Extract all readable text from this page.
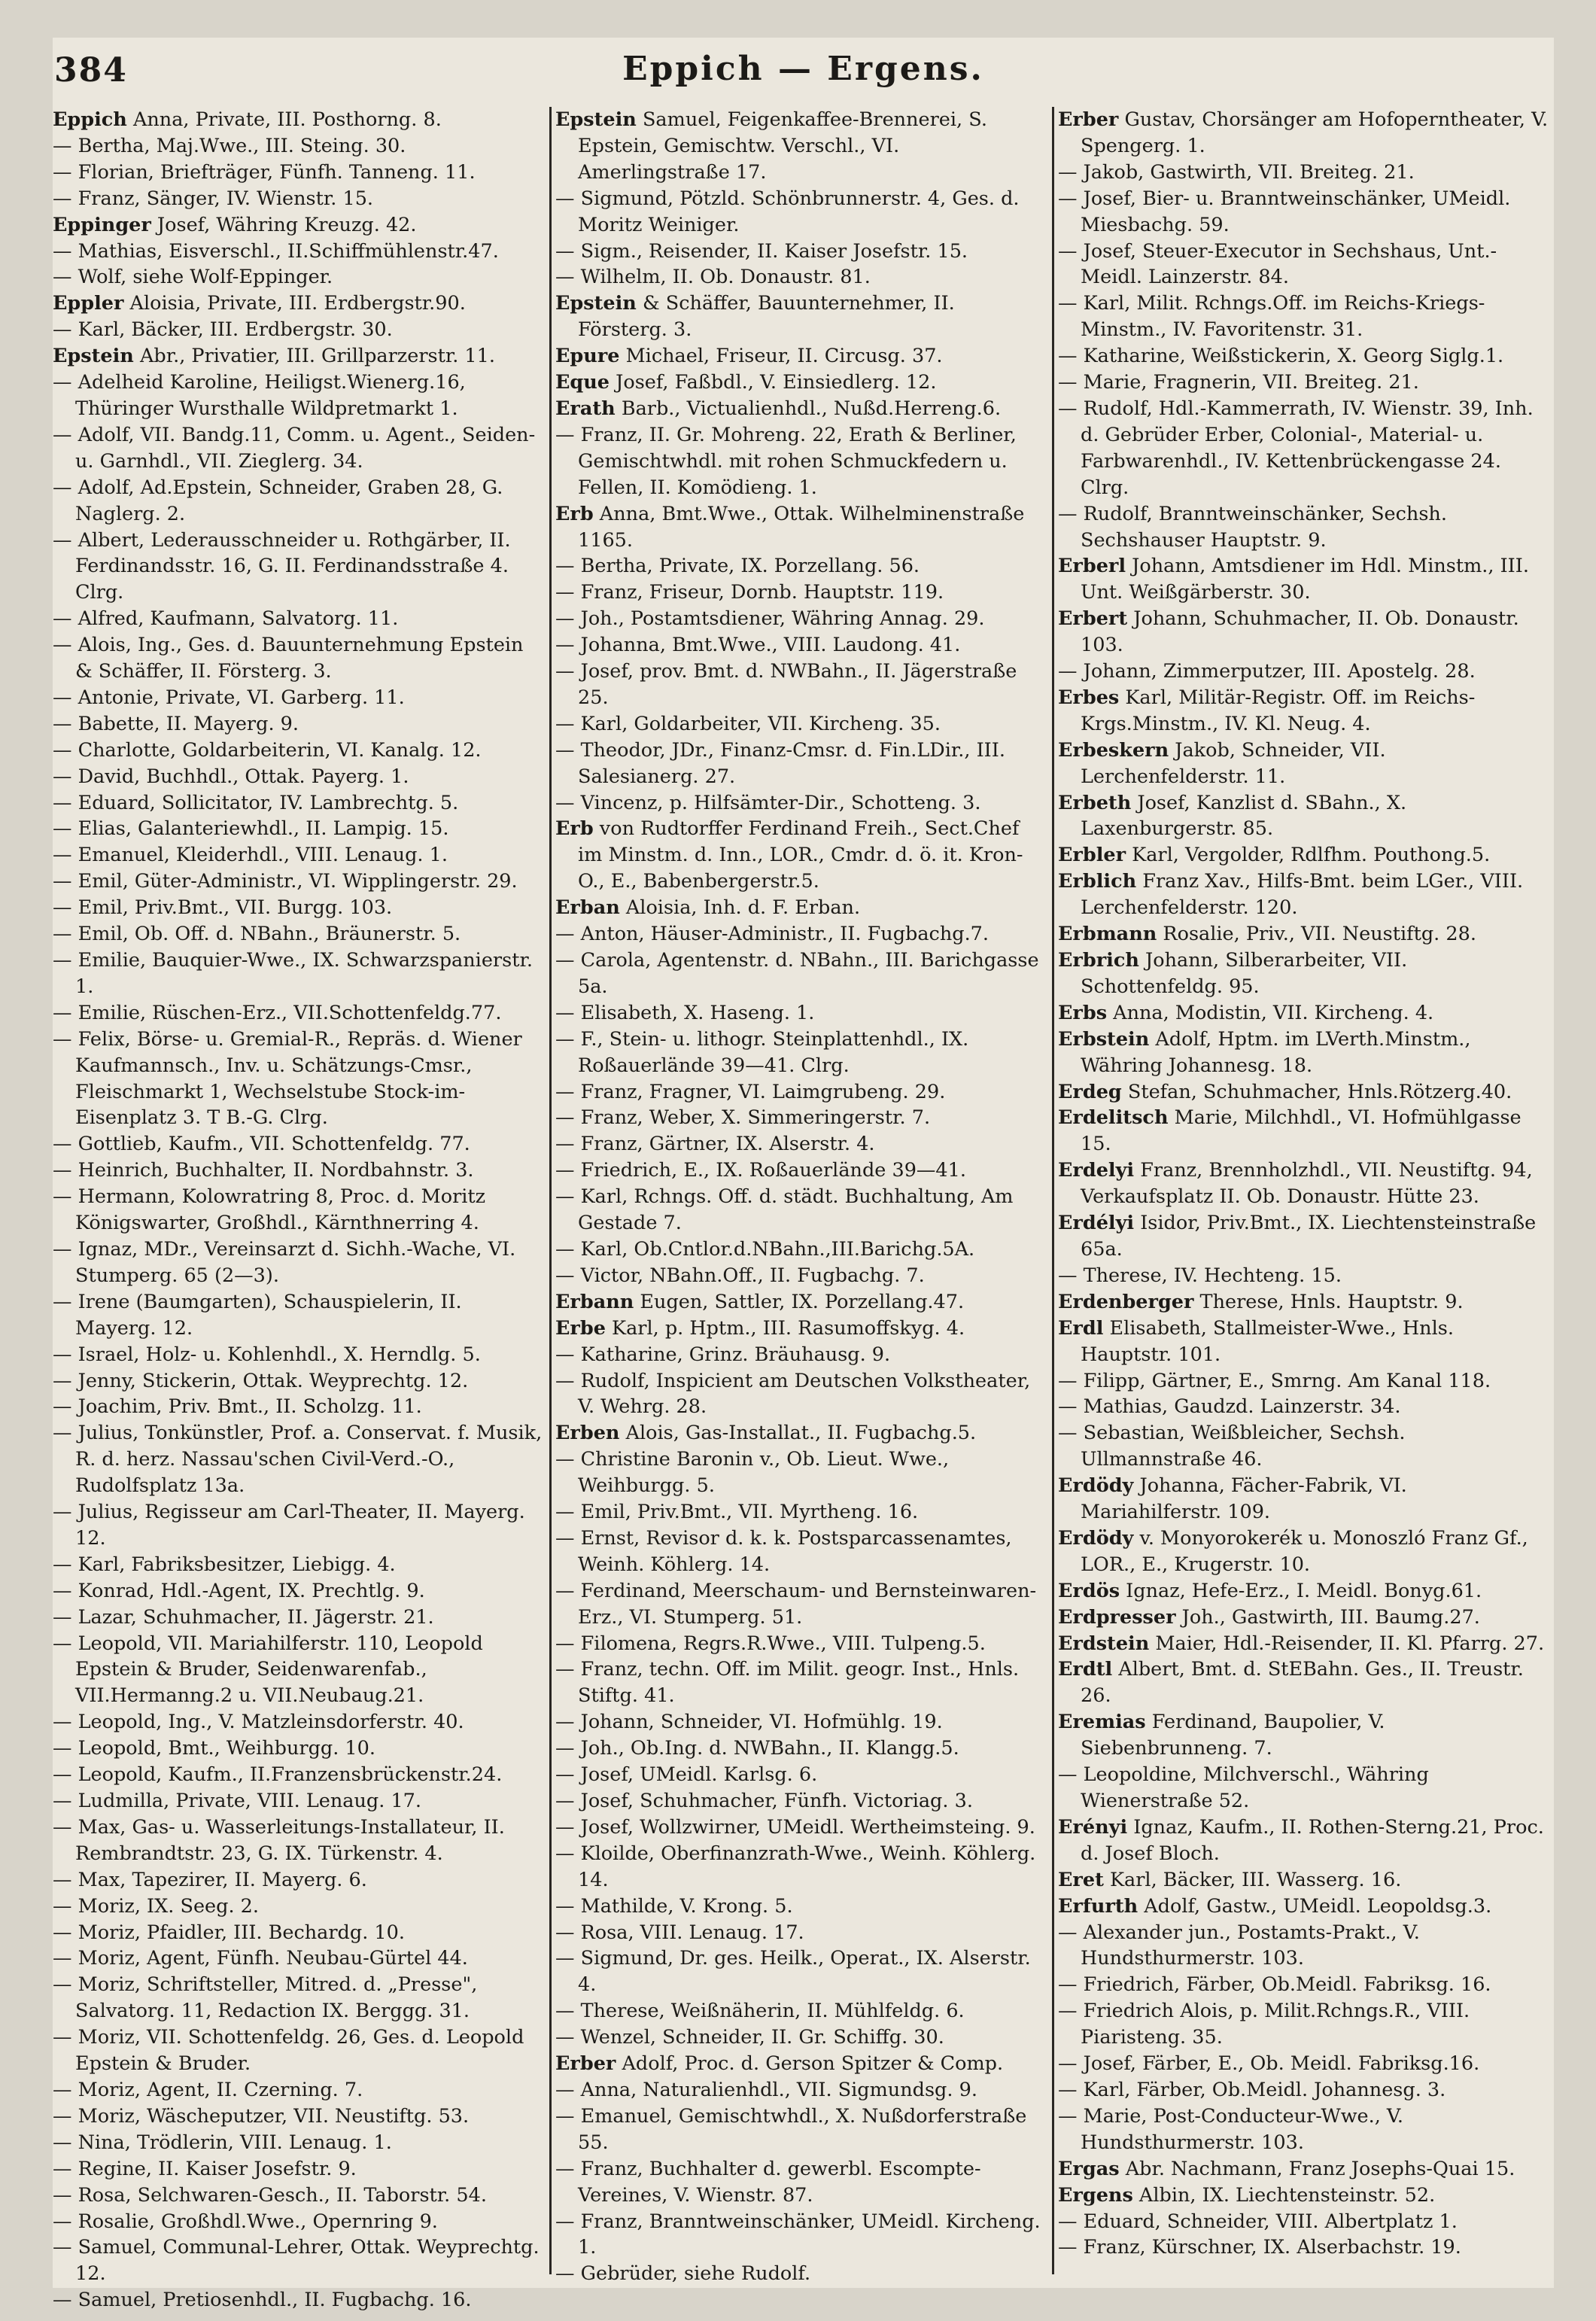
384	Eppich — Ergens.

Eppich Anna, Private, III. Posthorng. 8.

— Bertha, Maj.Wwe., III. Steing. 30.

— Florian, Briefträger, Fünfh. Tanneng. 11.

— Franz, Sänger, IV. Wienstr. 15.

Eppinger Josef, Währing Kreuzg. 42.

— Mathias, Eisverschl., II.Schiffmühlenstr.47.

— Wolf, siehe Wolf-Eppinger.

Eppler Aloisia, Private, III. Erdbergstr.90.

— Karl, Bäcker, III. Erdbergstr. 30.

Epstein Abr., Privatier, III. Grillparzerstr. 11.

— Adelheid Karoline, Heiligst.Wienerg.16, Thüringer Wursthalle Wildpretmarkt 1.

— Adolf, VII. Bandg.11, Comm. u. Agent., Seiden- u. Garnhdl., VII. Zieglerg. 34.

— Adolf, Ad.Epstein, Schneider, Graben 28, G. Naglerg. 2.

— Albert, Lederausschneider u. Rothgärber, II. Ferdinandsstr. 16, G. II. Ferdinandsstraße 4. Clrg.

— Alfred, Kaufmann, Salvatorg. 11.

— Alois, Ing., Ges. d. Bauunternehmung Epstein & Schäffer, II. Försterg. 3.

— Antonie, Private, VI. Garberg. 11.

— Babette, II. Mayerg. 9.

— Charlotte, Goldarbeiterin, VI. Kanalg. 12.

— David, Buchhdl., Ottak. Payerg. 1.

— Eduard, Sollicitator, IV. Lambrechtg. 5.

— Elias, Galanteriewhdl., II. Lampig. 15.

— Emanuel, Kleiderhdl., VIII. Lenaug. 1.

— Emil, Güter-Administr., VI. Wipplingerstr. 29.

— Emil, Priv.Bmt., VII. Burgg. 103.

— Emil, Ob. Off. d. NBahn., Bräunerstr. 5.

— Emilie, Bauquier-Wwe., IX. Schwarzspanierstr. 1.

— Emilie, Rüschen-Erz., VII.Schottenfeldg.77.

— Felix, Börse- u. Gremial-R., Repräs. d. Wiener Kaufmannsch., Inv. u. Schätzungs-Cmsr., Fleischmarkt 1, Wechselstube Stock-im-Eisenplatz 3. T B.-G. Clrg.

— Gottlieb, Kaufm., VII. Schottenfeldg. 77.

— Heinrich, Buchhalter, II. Nordbahnstr. 3.

— Hermann, Kolowratring 8, Proc. d. Moritz Königswarter, Großhdl., Kärnthnerring 4.

— Ignaz, MDr., Vereinsarzt d. Sichh.-Wache, VI. Stumperg. 65 (2—3).

— Irene (Baumgarten), Schauspielerin, II. Mayerg. 12.

— Israel, Holz- u. Kohlenhdl., X. Herndlg. 5.

— Jenny, Stickerin, Ottak. Weyprechtg. 12.

— Joachim, Priv. Bmt., II. Scholzg. 11.

— Julius, Tonkünstler, Prof. a. Conservat. f. Musik, R. d. herz. Nassau'schen Civil-Verd.-O., Rudolfsplatz 13a.

— Julius, Regisseur am Carl-Theater, II. Mayerg. 12.

— Karl, Fabriksbesitzer, Liebigg. 4.

— Konrad, Hdl.-Agent, IX. Prechtlg. 9.

— Lazar, Schuhmacher, II. Jägerstr. 21.

— Leopold, VII. Mariahilferstr. 110, Leopold Epstein & Bruder, Seidenwarenfab., VII.Hermanng.2 u. VII.Neubaug.21.

— Leopold, Ing., V. Matzleinsdorferstr. 40.

— Leopold, Bmt., Weihburgg. 10.

— Leopold, Kaufm., II.Franzensbrückenstr.24.

— Ludmilla, Private, VIII. Lenaug. 17.

— Max, Gas- u. Wasserleitungs-Installateur, II. Rembrandtstr. 23, G. IX. Türkenstr. 4.

— Max, Tapezirer, II. Mayerg. 6.

— Moriz, IX. Seeg. 2.

— Moriz, Pfaidler, III. Bechardg. 10.

— Moriz, Agent, Fünfh. Neubau-Gürtel 44.

— Moriz, Schriftsteller, Mitred. d. „Presse", Salvatorg. 11, Redaction IX. Berggg. 31.

— Moriz, VII. Schottenfeldg. 26, Ges. d. Leopold Epstein & Bruder.

— Moriz, Agent, II. Czerning. 7.

— Moriz, Wäscheputzer, VII. Neustiftg. 53.

— Nina, Trödlerin, VIII. Lenaug. 1.

— Regine, II. Kaiser Josefstr. 9.

— Rosa, Selchwaren-Gesch., II. Taborstr. 54.

— Rosalie, Großhdl.Wwe., Opernring 9.

— Samuel, Communal-Lehrer, Ottak. Weyprechtg. 12.

— Samuel, Pretiosenhdl., II. Fugbachg. 16.

Epstein Samuel, Feigenkaffee-Brennerei, S. Epstein, Gemischtw. Verschl., VI. Amerlingstraße 17.

— Sigmund, Pötzld. Schönbrunnerstr. 4, Ges. d. Moritz Weiniger.

— Sigm., Reisender, II. Kaiser Josefstr. 15.

— Wilhelm, II. Ob. Donaustr. 81.

Epstein & Schäffer, Bauunternehmer, II. Försterg. 3.

Epure Michael, Friseur, II. Circusg. 37.

Eque Josef, Faßbdl., V. Einsiedlerg. 12.

Erath Barb., Victualienhdl., Nußd.Herreng.6.

— Franz, II. Gr. Mohreng. 22, Erath & Berliner, Gemischtwhdl. mit rohen Schmuckfedern u. Fellen, II. Komödieng. 1.

Erb Anna, Bmt.Wwe., Ottak. Wilhelminenstraße 1165.

— Bertha, Private, IX. Porzellang. 56.

— Franz, Friseur, Dornb. Hauptstr. 119.

— Joh., Postamtsdiener, Währing Annag. 29.

— Johanna, Bmt.Wwe., VIII. Laudong. 41.

— Josef, prov. Bmt. d. NWBahn., II. Jägerstraße 25.

— Karl, Goldarbeiter, VII. Kircheng. 35.

— Theodor, JDr., Finanz-Cmsr. d. Fin.LDir., III. Salesianerg. 27.

— Vincenz, p. Hilfsämter-Dir., Schotteng. 3.

Erb von Rudtorffer Ferdinand Freih., Sect.Chef im Minstm. d. Inn., LOR., Cmdr. d. ö. it. Kron-O., E., Babenbergerstr.5.

Erban Aloisia, Inh. d. F. Erban.

— Anton, Häuser-Administr., II. Fugbachg.7.

— Carola, Agentenstr. d. NBahn., III. Barichgasse 5a.

— Elisabeth, X. Haseng. 1.

— F., Stein- u. lithogr. Steinplattenhdl., IX. Roßauerlände 39—41. Clrg.

— Franz, Fragner, VI. Laimgrubeng. 29.

— Franz, Weber, X. Simmeringerstr. 7.

— Franz, Gärtner, IX. Alserstr. 4.

— Friedrich, E., IX. Roßauerlände 39—41.

— Karl, Rchngs. Off. d. städt. Buchhaltung, Am Gestade 7.

— Karl, Ob.Cntlor.d.NBahn.,III.Barichg.5A.

— Victor, NBahn.Off., II. Fugbachg. 7.

Erbann Eugen, Sattler, IX. Porzellang.47.

Erbe Karl, p. Hptm., III. Rasumoffskyg. 4.

— Katharine, Grinz. Bräuhausg. 9.

— Rudolf, Inspicient am Deutschen Volkstheater, V. Wehrg. 28.

Erben Alois, Gas-Installat., II. Fugbachg.5.

— Christine Baronin v., Ob. Lieut. Wwe., Weihburgg. 5.

— Emil, Priv.Bmt., VII. Myrtheng. 16.

— Ernst, Revisor d. k. k. Postsparcassenamtes, Weinh. Köhlerg. 14.

— Ferdinand, Meerschaum- und Bernsteinwaren-Erz., VI. Stumperg. 51.

— Filomena, Regrs.R.Wwe., VIII. Tulpeng.5.

— Franz, techn. Off. im Milit. geogr. Inst., Hnls. Stiftg. 41.

— Johann, Schneider, VI. Hofmühlg. 19.

— Joh., Ob.Ing. d. NWBahn., II. Klangg.5.

— Josef, UMeidl. Karlsg. 6.

— Josef, Schuhmacher, Fünfh. Victoriag. 3.

— Josef, Wollzwirner, UMeidl. Wertheimsteing. 9.

— Kloilde, Oberfinanzrath-Wwe., Weinh. Köhlerg. 14.

— Mathilde, V. Krong. 5.

— Rosa, VIII. Lenaug. 17.

— Sigmund, Dr. ges. Heilk., Operat., IX. Alserstr. 4.

— Therese, Weißnäherin, II. Mühlfeldg. 6.

— Wenzel, Schneider, II. Gr. Schiffg. 30.

Erber Adolf, Proc. d. Gerson Spitzer & Comp.

— Anna, Naturalienhdl., VII. Sigmundsg. 9.

— Emanuel, Gemischtwhdl., X. Nußdorferstraße 55.

— Franz, Buchhalter d. gewerbl. Escompte-Vereines, V. Wienstr. 87.

— Franz, Branntweinschänker, UMeidl. Kircheng. 1.

— Gebrüder, siehe Rudolf.

Erber Gustav, Chorsänger am Hofoperntheater, V. Spengerg. 1.

— Jakob, Gastwirth, VII. Breiteg. 21.

— Josef, Bier- u. Branntweinschänker, UMeidl. Miesbachg. 59.

— Josef, Steuer-Executor in Sechshaus, Unt.-Meidl. Lainzerstr. 84.

— Karl, Milit. Rchngs.Off. im Reichs-Kriegs-Minstm., IV. Favoritenstr. 31.

— Katharine, Weißstickerin, X. Georg Siglg.1.

— Marie, Fragnerin, VII. Breiteg. 21.

— Rudolf, Hdl.-Kammerrath, IV. Wienstr. 39, Inh. d. Gebrüder Erber, Colonial-, Material- u. Farbwarenhdl., IV. Kettenbrückengasse 24. Clrg.

— Rudolf, Branntweinschänker, Sechsh. Sechshauser Hauptstr. 9.

Erberl Johann, Amtsdiener im Hdl. Minstm., III. Unt. Weißgärberstr. 30.

Erbert Johann, Schuhmacher, II. Ob. Donaustr. 103.

— Johann, Zimmerputzer, III. Apostelg. 28.

Erbes Karl, Militär-Registr. Off. im Reichs-Krgs.Minstm., IV. Kl. Neug. 4.

Erbeskern Jakob, Schneider, VII. Lerchenfelderstr. 11.

Erbeth Josef, Kanzlist d. SBahn., X. Laxenburgerstr. 85.

Erbler Karl, Vergolder, Rdlfhm. Pouthong.5.

Erblich Franz Xav., Hilfs-Bmt. beim LGer., VIII. Lerchenfelderstr. 120.

Erbmann Rosalie, Priv., VII. Neustiftg. 28.

Erbrich Johann, Silberarbeiter, VII. Schottenfeldg. 95.

Erbs Anna, Modistin, VII. Kircheng. 4.

Erbstein Adolf, Hptm. im LVerth.Minstm., Währing Johannesg. 18.

Erdeg Stefan, Schuhmacher, Hnls.Rötzerg.40.

Erdelitsch Marie, Milchhdl., VI. Hofmühlgasse 15.

Erdelyi Franz, Brennholzhdl., VII. Neustiftg. 94, Verkaufsplatz II. Ob. Donaustr. Hütte 23.

Erdélyi Isidor, Priv.Bmt., IX. Liechtensteinstraße 65a.

— Therese, IV. Hechteng. 15.

Erdenberger Therese, Hnls. Hauptstr. 9.

Erdl Elisabeth, Stallmeister-Wwe., Hnls. Hauptstr. 101.

— Filipp, Gärtner, E., Smrng. Am Kanal 118.

— Mathias, Gaudzd. Lainzerstr. 34.

— Sebastian, Weißbleicher, Sechsh. Ullmannstraße 46.

Erdödy Johanna, Fächer-Fabrik, VI. Mariahilferstr. 109.

Erdödy v. Monyorokerék u. Monoszló Franz Gf., LOR., E., Krugerstr. 10.

Erdös Ignaz, Hefe-Erz., I. Meidl. Bonyg.61.

Erdpresser Joh., Gastwirth, III. Baumg.27.

Erdstein Maier, Hdl.-Reisender, II. Kl. Pfarrg. 27.

Erdtl Albert, Bmt. d. StEBahn. Ges., II. Treustr. 26.

Eremias Ferdinand, Baupolier, V. Siebenbrunneng. 7.

— Leopoldine, Milchverschl., Währing Wienerstraße 52.

Erényi Ignaz, Kaufm., II. Rothen-Sterng.21, Proc. d. Josef Bloch.

Eret Karl, Bäcker, III. Wasserg. 16.

Erfurth Adolf, Gastw., UMeidl. Leopoldsg.3.

— Alexander jun., Postamts-Prakt., V. Hundsthurmerstr. 103.

— Friedrich, Färber, Ob.Meidl. Fabriksg. 16.

— Friedrich Alois, p. Milit.Rchngs.R., VIII. Piaristeng. 35.

— Josef, Färber, E., Ob. Meidl. Fabriksg.16.

— Karl, Färber, Ob.Meidl. Johannesg. 3.

— Marie, Post-Conducteur-Wwe., V. Hundsthurmerstr. 103.

Ergas Abr. Nachmann, Franz Josephs-Quai 15.

Ergens Albin, IX. Liechtensteinstr. 52.

— Eduard, Schneider, VIII. Albertplatz 1.

— Franz, Kürschner, IX. Alserbachstr. 19.
